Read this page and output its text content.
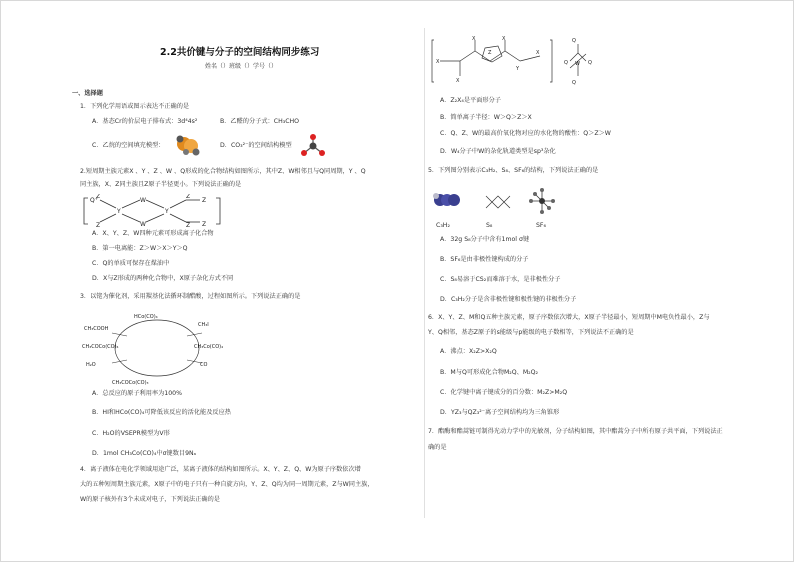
2.2共价键与分子的空间结构同步练习
姓名（）班级（）学号（）
一、选择题
1．下列化学用语或图示表达不正确的是
A．基态Cr的价层电子排布式：3d⁴4s²	B．乙醛的分子式：CH₃CHO
C．乙烷的空间填充模型：	D．CO₃²⁻的空间结构模型
2.短周期主族元素X 、Y 、Z 、W 、Q形成的化合物结构如图所示，其中Z、W相邻且与Q同周期，Y 、Q
同主族，X、Z同主族且Z原子半径更小。下列说法正确的是
Q⁺
Z
Z
Y
W
W
Y
Z
Z
Z
Z
A．X、Y、Z、W四种元素可形成离子化合物
B．第一电离能：Z＞W＞X＞Y＞Q
C．Q的单质可保存在煤油中
D．X与Z形成的两种化合物中，X原子杂化方式不同
3．以铑为催化剂，采用羰基化法循环制醋酸，过程如图所示。下列说法正确的是
HCo(CO)₄
CH₃COOH
CH₃I
CH₃COCo(CO)₄	CH₃Co(CO)₄
H₂O	CO
CH₃COCo(CO)₃
A．总反应的原子利用率为100%
B．HI和HCo(CO)₄可降低该反应的活化能及反应热
C．H₂O的VSEPR模型为V形
D．1mol CH₃Co(CO)₄中σ键数目9Nₐ
4．离子液体在电化学领域用途广泛，某离子液体的结构如图所示。X、Y、Z、Q、W为原子序数依次增
大的五种短周期主族元素，X原子中的电子只有一种自旋方向，Y、Z、Q均为同一周期元素，Z与W同主族，
W的原子核外有3个未成对电子，下列说法正确的是
X
X
X	X
Z
Y
X
Q
Q
Q	Q
W
A．Z₂X₄是平面形分子
B．简单离子半径：W＞Q＞Z＞X
C．Q、Z、W的最高价氧化物对应的水化物的酸性：Q＞Z＞W
D．W₄分子中W的杂化轨道类型是sp³杂化
5．下列图分别表示C₃H₂、S₈、SF₆的结构，下列说法正确的是
C₃H₂	S₈	SF₆
A．32g S₈分子中含有1mol σ键
B．SF₆是由非极性键构成的分子
C．S₈易溶于CS₂而难溶于水，是非极性分子
D．C₃H₂分子是含非极性键和极性键的非极性分子
6．X、Y、Z、M和Q五种主族元素，原子序数依次增大，X原子半径最小，短周期中M电负性最小，Z与
Y、Q相邻，基态Z原子的s能级与p能级的电子数相等，下列说法不正确的是
A．沸点：X₂Z>X₂Q
B．M与Q可形成化合物M₂Q、M₂Q₂
C．化学键中离子键成分的百分数：M₂Z>M₂Q
D．YZ₃与QZ₃²⁻离子空间结构均为三角锥形
7．酯酶和酯蒿链可制得光动力学中的光敏剂，分子结构如图，其中酯蒿分子中所有原子共平面，下列说法正
确的是
